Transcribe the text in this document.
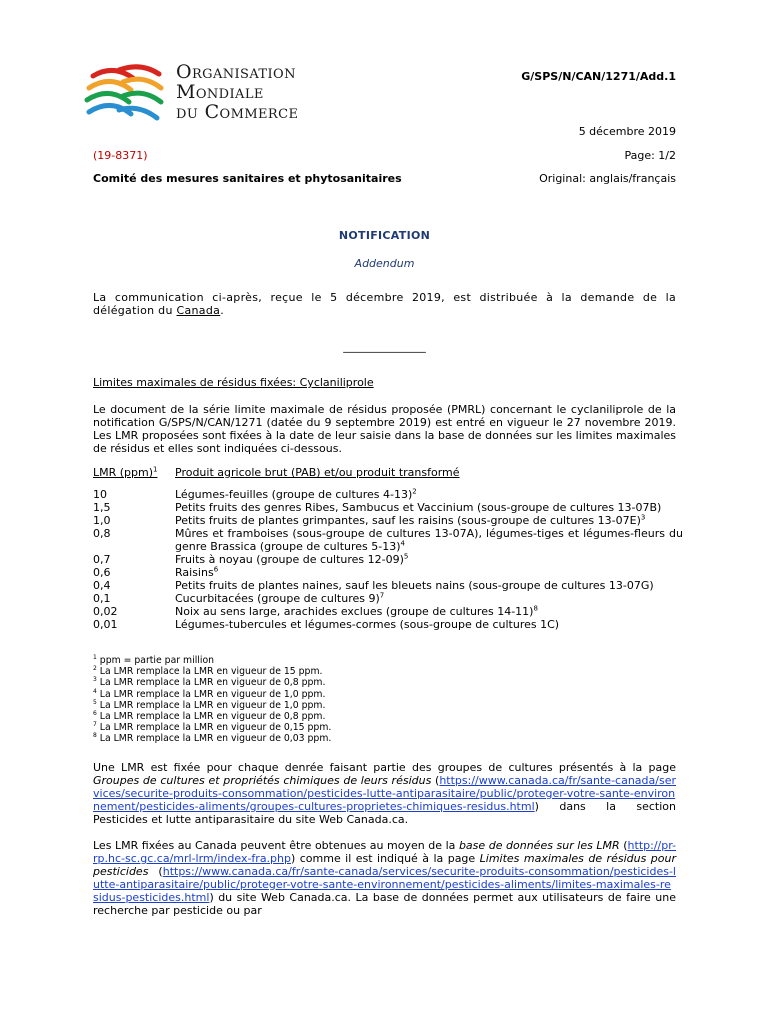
Organisation
Mondiale
du Commerce
G/SPS/N/CAN/1271/Add.1
5 décembre 2019
(19-8371)	Page: 1/2
Comité des mesures sanitaires et phytosanitaires	Original: anglais/français
NOTIFICATION
Addendum
La communication ci-après, reçue le 5 décembre 2019, est distribuée à la demande de la délégation du Canada.
_______________
Limites maximales de résidus fixées: Cyclaniliprole
Le document de la série limite maximale de résidus proposée (PMRL) concernant le cyclaniliprole de la notification G/SPS/N/CAN/1271 (datée du 9 septembre 2019) est entré en vigueur le 27 novembre 2019. Les LMR proposées sont fixées à la date de leur saisie dans la base de données sur les limites maximales de résidus et elles sont indiquées ci-dessous.
LMR (ppm)$^1$	Produit agricole brut (PAB) et/ou produit transformé
10	Légumes-feuilles (groupe de cultures 4-13)$^2$
1,5	Petits fruits des genres Ribes, Sambucus et Vaccinium (sous-groupe de cultures 13-07B)
1,0	Petits fruits de plantes grimpantes, sauf les raisins (sous-groupe de cultures 13-07E)$^3$
0,8	Mûres et framboises (sous-groupe de cultures 13-07A), légumes-tiges et légumes-fleurs du genre Brassica (groupe de cultures 5-13)$^4$
0,7	Fruits à noyau (groupe de cultures 12-09)$^5$
0,6	Raisins$^6$
0,4	Petits fruits de plantes naines, sauf les bleuets nains (sous-groupe de cultures 13-07G)
0,1	Cucurbitacées (groupe de cultures 9)$^7$
0,02	Noix au sens large, arachides exclues (groupe de cultures 14-11)$^8$
0,01	Légumes-tubercules et légumes-cormes (sous-groupe de cultures 1C)
$^1$ ppm = partie par million
$^2$ La LMR remplace la LMR en vigueur de 15 ppm.
$^3$ La LMR remplace la LMR en vigueur de 0,8 ppm.
$^4$ La LMR remplace la LMR en vigueur de 1,0 ppm.
$^5$ La LMR remplace la LMR en vigueur de 1,0 ppm.
$^6$ La LMR remplace la LMR en vigueur de 0,8 ppm.
$^7$ La LMR remplace la LMR en vigueur de 0,15 ppm.
$^8$ La LMR remplace la LMR en vigueur de 0,03 ppm.
Une LMR est fixée pour chaque denrée faisant partie des groupes de cultures présentés à la page Groupes de cultures et propriétés chimiques de leurs résidus (https://www.canada.ca/fr/sante-canada/services/securite-produits-consommation/pesticides-lutte-antiparasitaire/public/proteger-votre-sante-environnement/pesticides-aliments/groupes-cultures-proprietes-chimiques-residus.html) dans la section Pesticides et lutte antiparasitaire du site Web Canada.ca.
Les LMR fixées au Canada peuvent être obtenues au moyen de la base de données sur les LMR (http://pr-rp.hc-sc.gc.ca/mrl-lrm/index-fra.php) comme il est indiqué à la page Limites maximales de résidus pour pesticides (https://www.canada.ca/fr/sante-canada/services/securite-produits-consommation/pesticides-lutte-antiparasitaire/public/proteger-votre-sante-environnement/pesticides-aliments/limites-maximales-residus-pesticides.html) du site Web Canada.ca. La base de données permet aux utilisateurs de faire une recherche par pesticide ou par
